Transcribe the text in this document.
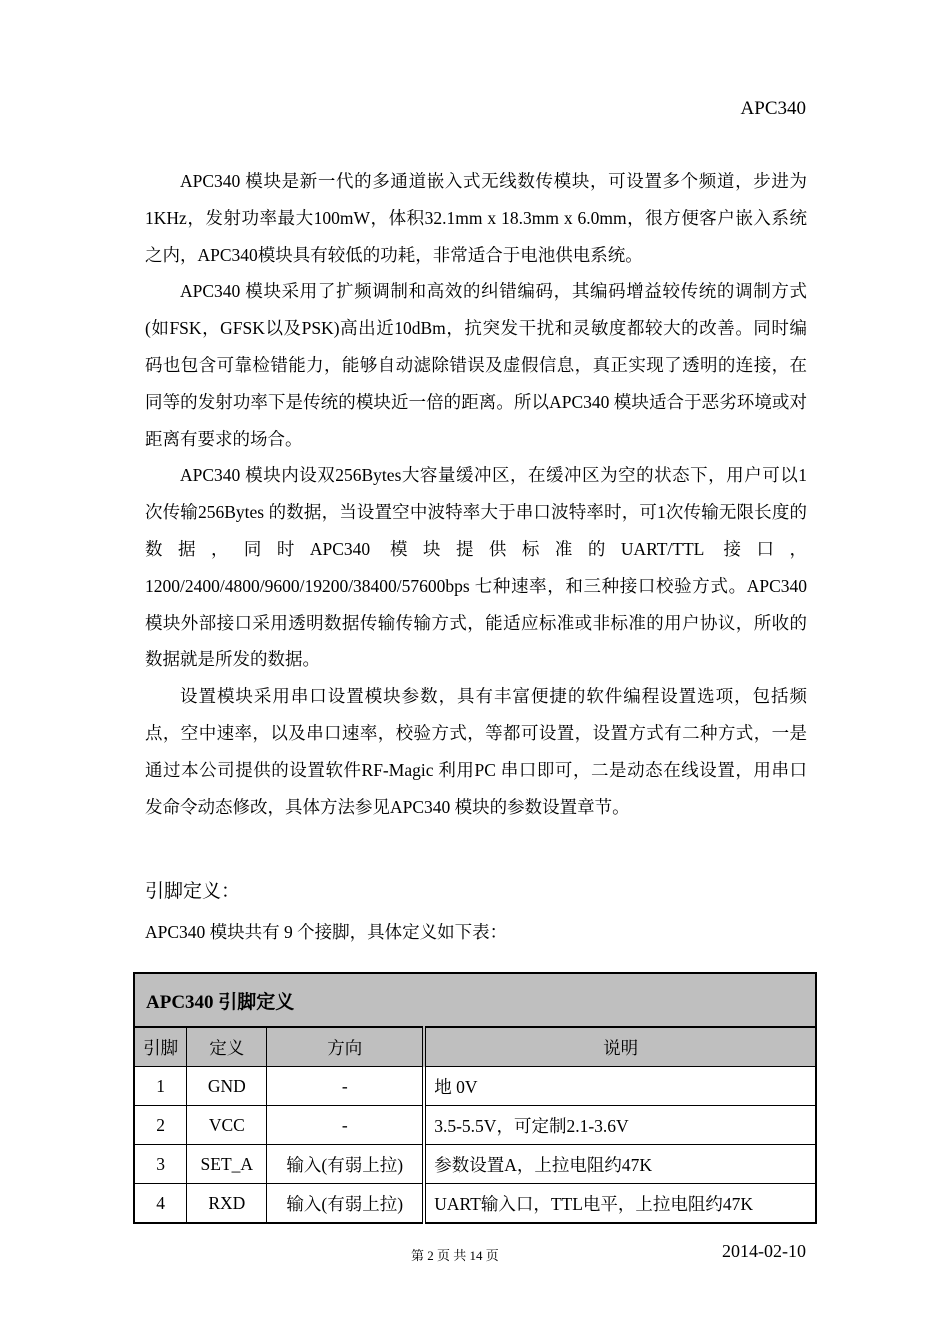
APC340

APC340 模块是新一代的多通道嵌入式无线数传模块，可设置多个频道，步进为1KHz，发射功率最大100mW，体积32.1mm x 18.3mm x 6.0mm，很方便客户嵌入系统之内，APC340模块具有较低的功耗，非常适合于电池供电系统。

APC340 模块采用了扩频调制和高效的纠错编码，其编码增益较传统的调制方式(如FSK，GFSK以及PSK)高出近10dBm，抗突发干扰和灵敏度都较大的改善。同时编码也包含可靠检错能力，能够自动滤除错误及虚假信息，真正实现了透明的连接，在同等的发射功率下是传统的模块近一倍的距离。所以APC340 模块适合于恶劣环境或对距离有要求的场合。

APC340 模块内设双256Bytes大容量缓冲区，在缓冲区为空的状态下，用户可以1 次传输256Bytes 的数据，当设置空中波特率大于串口波特率时，可1次传输无限长度的数据，同时APC340 模块提供标准的UART/TTL 接口，1200/2400/4800/9600/19200/38400/57600bps 七种速率，和三种接口校验方式。APC340模块外部接口采用透明数据传输传输方式，能适应标准或非标准的用户协议，所收的数据就是所发的数据。

设置模块采用串口设置模块参数，具有丰富便捷的软件编程设置选项，包括频点，空中速率，以及串口速率，校验方式，等都可设置，设置方式有二种方式，一是通过本公司提供的设置软件RF-Magic 利用PC 串口即可，二是动态在线设置，用串口发命令动态修改，具体方法参见APC340 模块的参数设置章节。

引脚定义：
APC340 模块共有 9 个接脚，具体定义如下表：
APC340 引脚定义			
引脚	定义	方向	说明
1	GND	-	地 0V
2	VCC	-	3.5-5.5V，可定制2.1-3.6V
3	SET_A	输入(有弱上拉)	参数设置A，上拉电阻约47K
4	RXD	输入(有弱上拉)	UART输入口，TTL电平，上拉电阻约47K
第 2 页 共 14 页	2014-02-10
